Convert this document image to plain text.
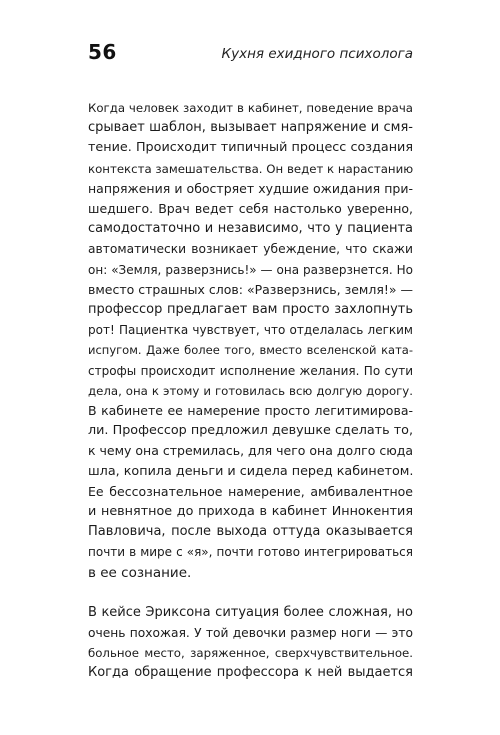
56	Кухня ехидного психолога
Когда человек заходит в кабинет, поведение врача
срывает шаблон, вызывает напряжение и смя-
тение. Происходит типичный процесс создания
контекста замешательства. Он ведет к нарастанию
напряжения и обостряет худшие ожидания при-
шедшего. Врач ведет себя настолько уверенно,
самодостаточно и независимо, что у пациента
автоматически возникает убеждение, что скажи
он: «Земля, разверзнись!» — она разверзнется. Но
вместо страшных слов: «Разверзнись, земля!» —
профессор предлагает вам просто захлопнуть
рот! Пациентка чувствует, что отделалась легким
испугом. Даже более того, вместо вселенской ката-
строфы происходит исполнение желания. По сути
дела, она к этому и готовилась всю долгую дорогу.
В кабинете ее намерение просто легитимирова-
ли. Профессор предложил девушке сделать то,
к чему она стремилась, для чего она долго сюда
шла, копила деньги и сидела перед кабинетом.
Ее бессознательное намерение, амбивалентное
и невнятное до прихода в кабинет Иннокентия
Павловича, после выхода оттуда оказывается
почти в мире с «я», почти готово интегрироваться
в ее сознание.
В кейсе Эриксона ситуация более сложная, но
очень похожая. У той девочки размер ноги — это
больное место, заряженное, сверхчувствительное.
Когда обращение профессора к ней выдается
